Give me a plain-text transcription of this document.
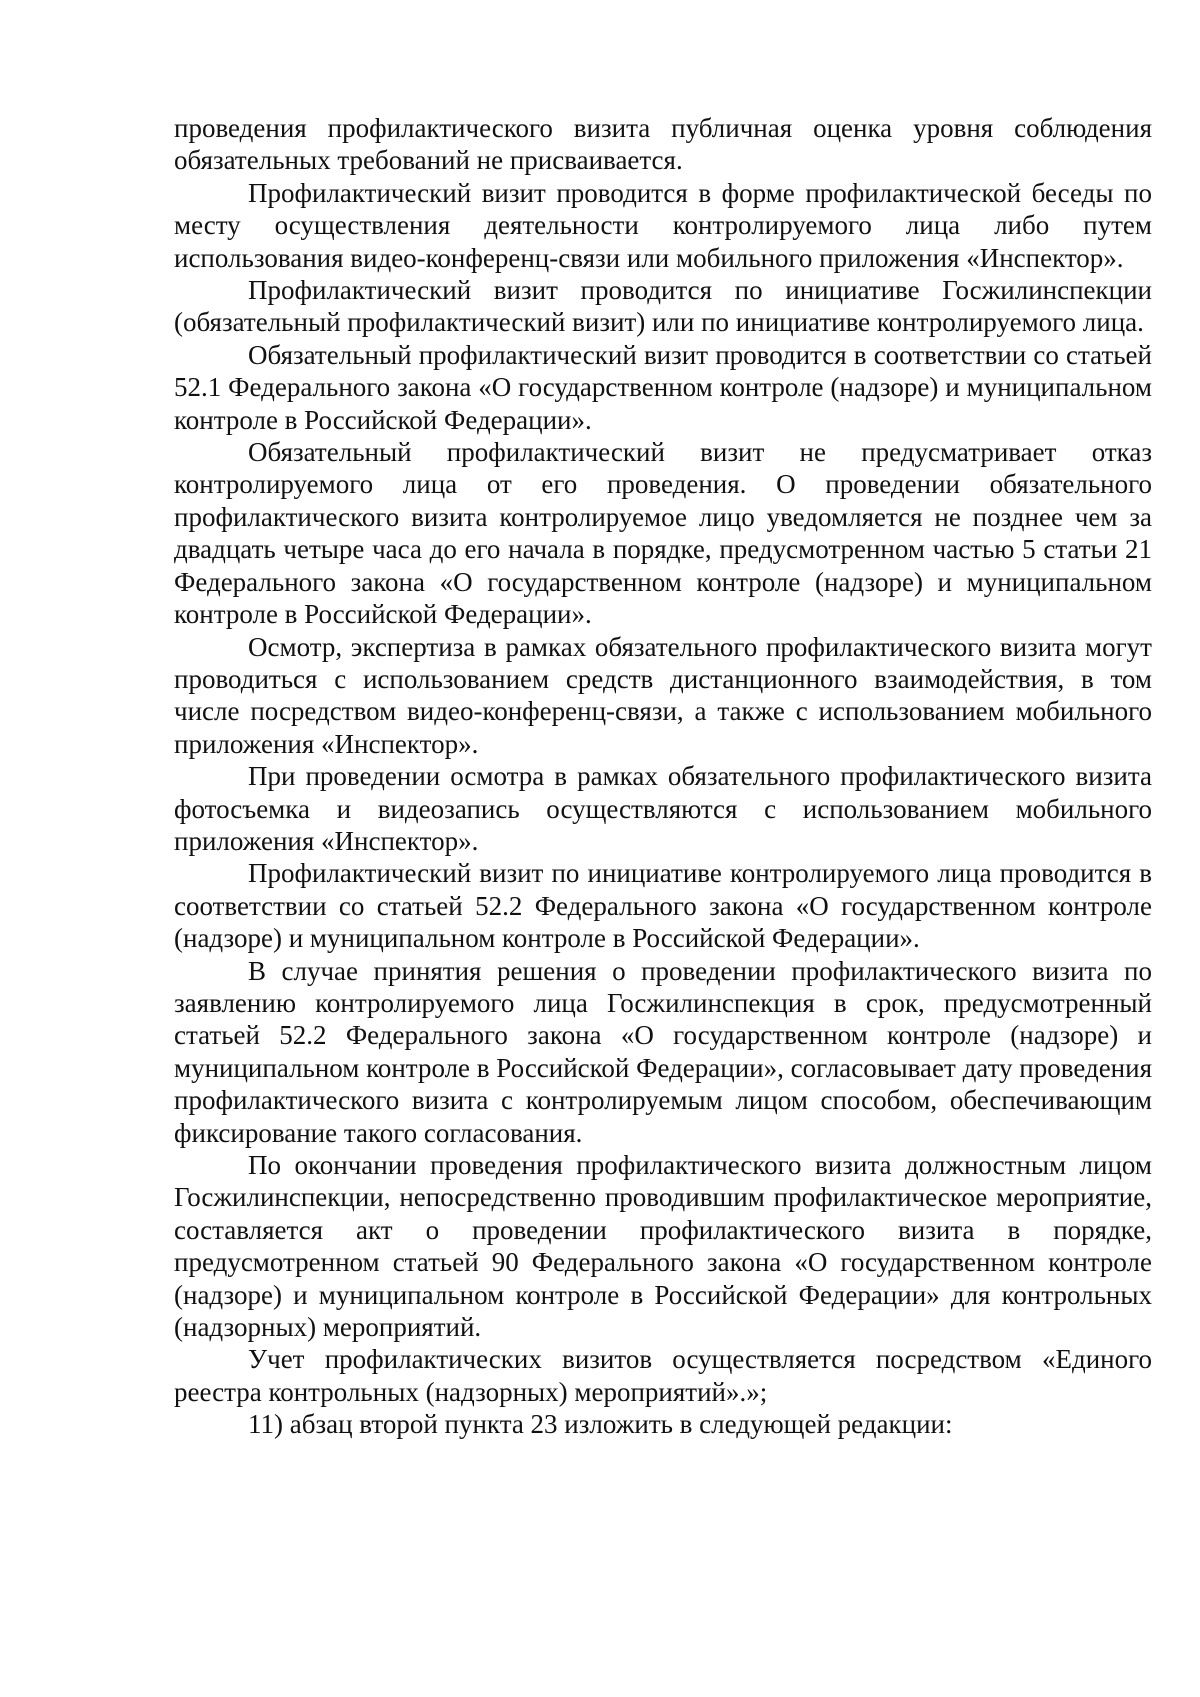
проведения профилактического визита публичная оценка уровня соблюдения обязательных требований не присваивается.

Профилактический визит проводится в форме профилактической беседы по месту осуществления деятельности контролируемого лица либо путем использования видео-конференц-связи или мобильного приложения «Инспектор».

Профилактический визит проводится по инициативе Госжилинспекции (обязательный профилактический визит) или по инициативе контролируемого лица.

Обязательный профилактический визит проводится в соответствии со статьей 52.1 Федерального закона «О государственном контроле (надзоре) и муниципальном контроле в Российской Федерации».

Обязательный профилактический визит не предусматривает отказ контролируемого лица от его проведения. О проведении обязательного профилактического визита контролируемое лицо уведомляется не позднее чем за двадцать четыре часа до его начала в порядке, предусмотренном частью 5 статьи 21 Федерального закона «О государственном контроле (надзоре) и муниципальном контроле в Российской Федерации».

Осмотр, экспертиза в рамках обязательного профилактического визита могут проводиться с использованием средств дистанционного взаимодействия, в том числе посредством видео-конференц-связи, а также с использованием мобильного приложения «Инспектор».

При проведении осмотра в рамках обязательного профилактического визита фотосъемка и видеозапись осуществляются с использованием мобильного приложения «Инспектор».

Профилактический визит по инициативе контролируемого лица проводится в соответствии со статьей 52.2 Федерального закона «О государственном контроле (надзоре) и муниципальном контроле в Российской Федерации».

В случае принятия решения о проведении профилактического визита по заявлению контролируемого лица Госжилинспекция в срок, предусмотренный статьей 52.2 Федерального закона «О государственном контроле (надзоре) и муниципальном контроле в Российской Федерации», согласовывает дату проведения профилактического визита с контролируемым лицом способом, обеспечивающим фиксирование такого согласования.

По окончании проведения профилактического визита должностным лицом Госжилинспекции, непосредственно проводившим профилактическое мероприятие, составляется акт о проведении профилактического визита в порядке, предусмотренном статьей 90 Федерального закона «О государственном контроле (надзоре) и муниципальном контроле в Российской Федерации» для контрольных (надзорных) мероприятий.

Учет профилактических визитов осуществляется посредством «Единого реестра контрольных (надзорных) мероприятий».»;

11) абзац второй пункта 23 изложить в следующей редакции:
